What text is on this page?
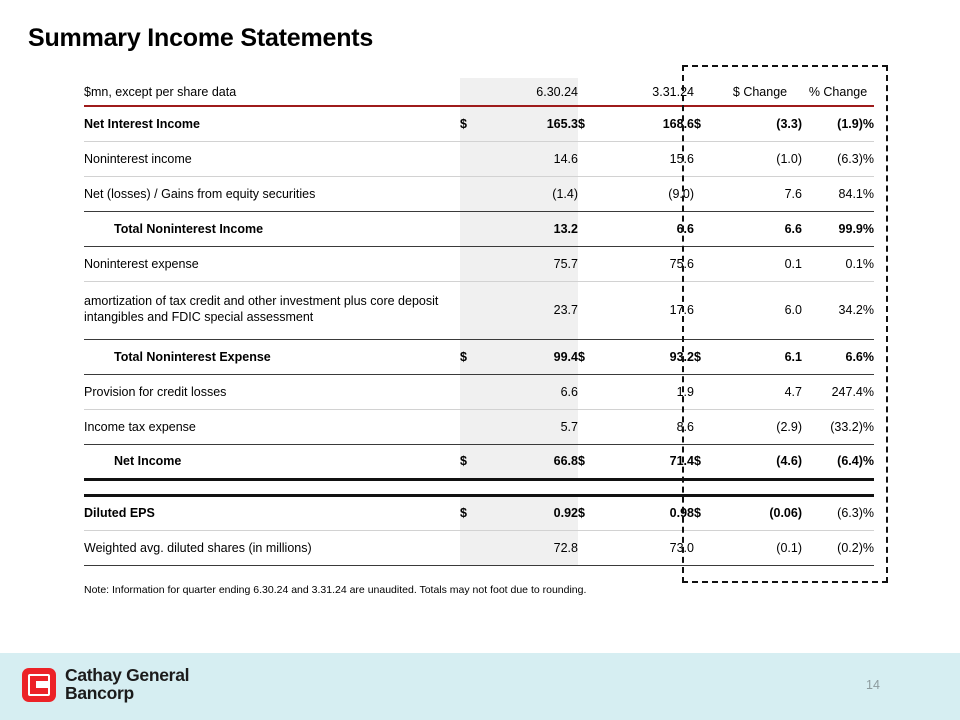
Summary Income Statements
$mn, except per share data		6.30.24		3.31.24		$ Change	% Change
Net Interest Income	$	165.3	$	168.6	$	(3.3)	(1.9)%
Noninterest income		14.6		15.6		(1.0)	(6.3)%
Net (losses) / Gains from equity securities		(1.4)		(9.0)		7.6	84.1%
Total Noninterest Income		13.2		6.6		6.6	99.9%
Noninterest expense		75.7		75.6		0.1	0.1%
amortization of tax credit and other investment plus core deposit intangibles and FDIC special assessment		23.7		17.6		6.0	34.2%
Total Noninterest Expense	$	99.4	$	93.2	$	6.1	6.6%
Provision for credit losses		6.6		1.9		4.7	247.4%
Income tax expense		5.7		8.6		(2.9)	(33.2)%
Net Income	$	66.8	$	71.4	$	(4.6)	(6.4)%

Diluted EPS	$	0.92	$	0.98	$	(0.06)	(6.3)%
Weighted avg. diluted shares (in millions)		72.8		73.0		(0.1)	(0.2)%
Note: Information for quarter ending 6.30.24 and 3.31.24 are unaudited. Totals may not foot due to rounding.
Cathay General
Bancorp	14
